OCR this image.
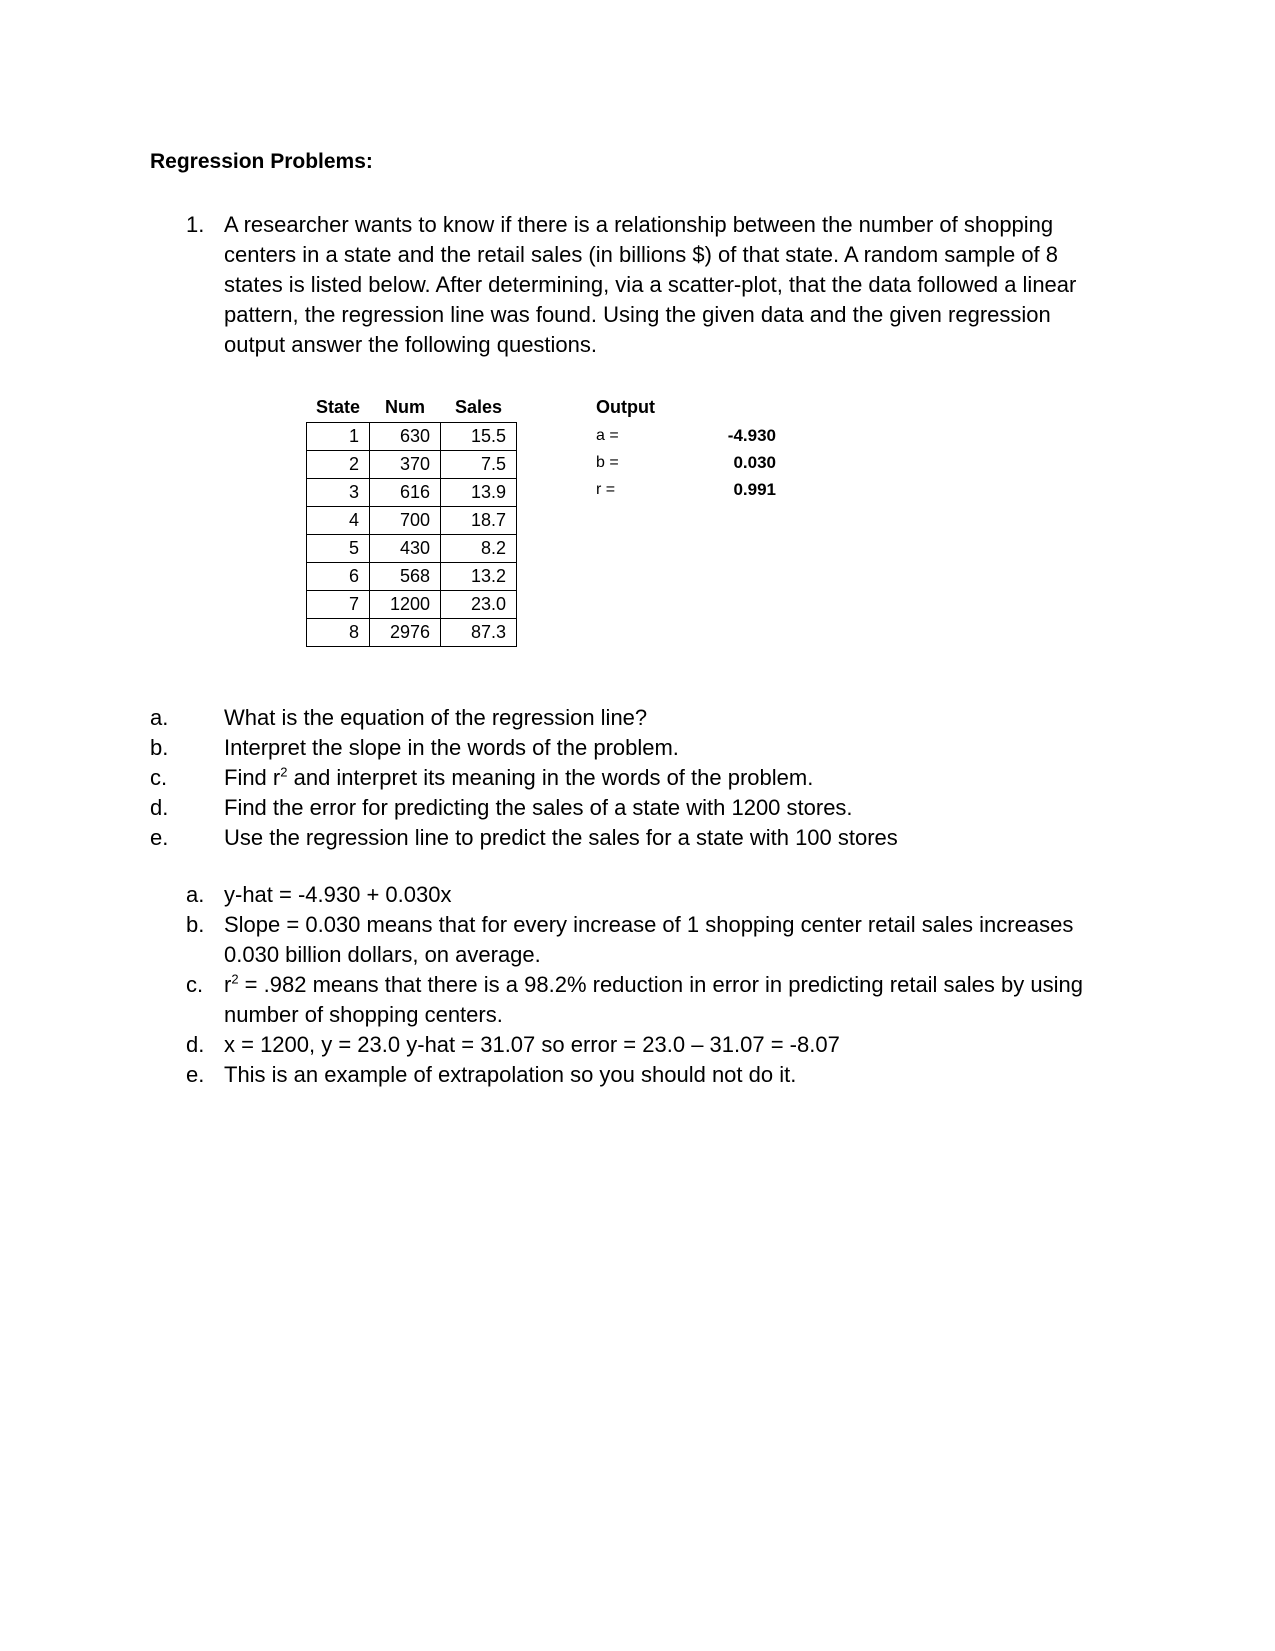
Regression Problems:
1. A researcher wants to know if there is a relationship between the number of shopping centers in a state and the retail sales (in billions $) of that state. A random sample of 8 states is listed below. After determining, via a scatter-plot, that the data followed a linear pattern, the regression line was found. Using the given data and the given regression output answer the following questions.
State	Num	Sales
1	630	15.5
2	370	7.5
3	616	13.9
4	700	18.7
5	430	8.2
6	568	13.2
7	1200	23.0
8	2976	87.3
Output
a =	-4.930
b =	0.030
r =	0.991
a.	What is the equation of the regression line?
b.	Interpret the slope in the words of the problem.
c.	Find $r^2$ and interpret its meaning in the words of the problem.
d.	Find the error for predicting the sales of a state with 1200 stores.
e.	Use the regression line to predict the sales for a state with 100 stores
a. y-hat = -4.930 + 0.030x
b. Slope = 0.030 means that for every increase of 1 shopping center retail sales increases 0.030 billion dollars, on average.
c. $r^2 = .982$ means that there is a 98.2% reduction in error in predicting retail sales by using number of shopping centers.
d. x = 1200, y = 23.0 y-hat = 31.07 so error = 23.0 – 31.07 = -8.07
e. This is an example of extrapolation so you should not do it.
